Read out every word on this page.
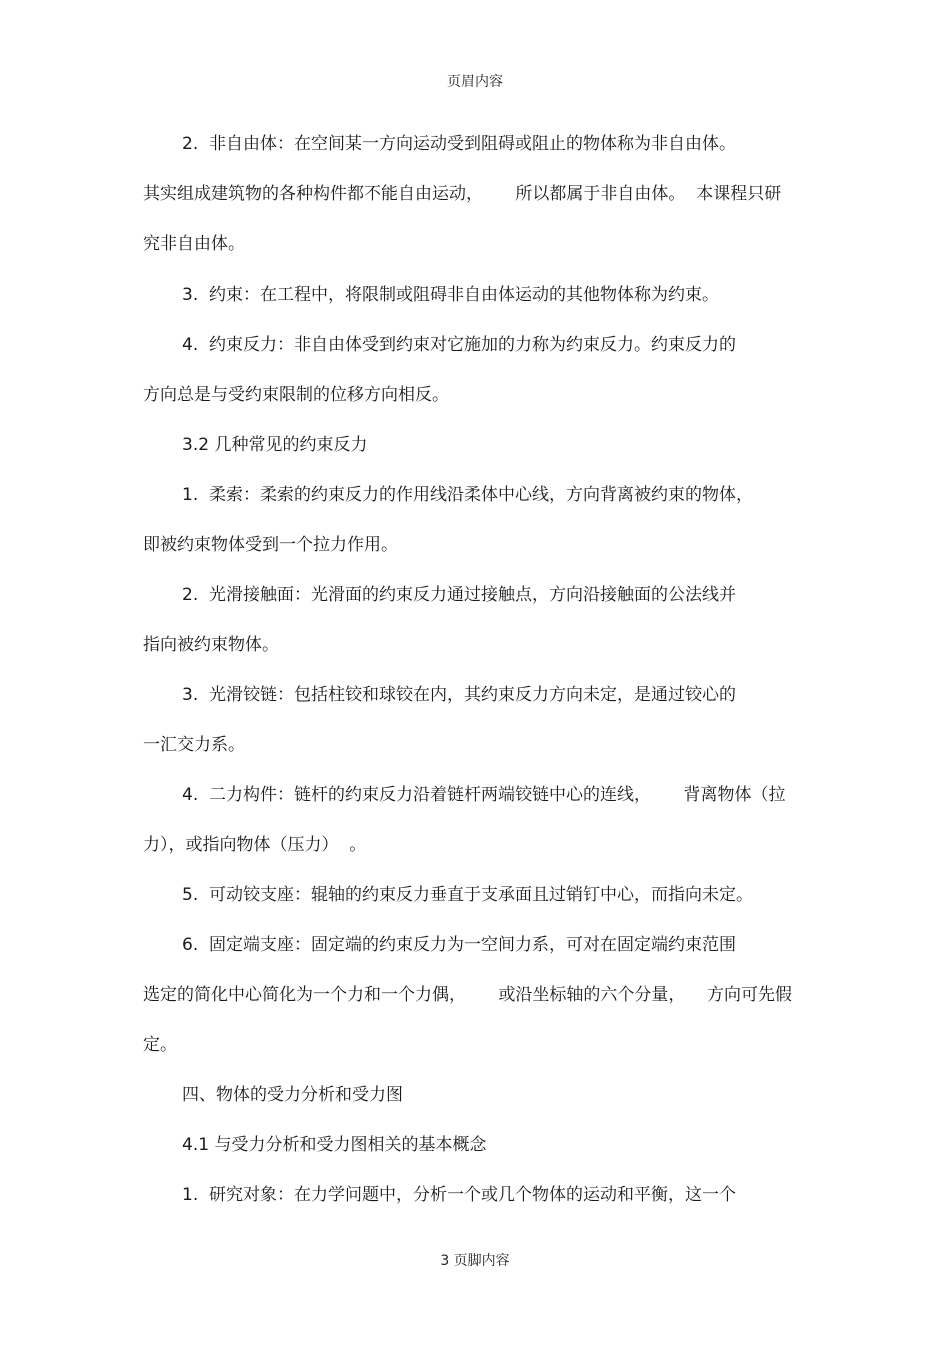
页眉内容
2.  非自由体：在空间某一方向运动受到阻碍或阻止的物体称为非自由体。
其实组成建筑物的各种构件都不能自由运动，      所以都属于非自由体。  本课程只研
究非自由体。
3.  约束：在工程中，将限制或阻碍非自由体运动的其他物体称为约束。
4.  约束反力：非自由体受到约束对它施加的力称为约束反力。约束反力的
方向总是与受约束限制的位移方向相反。
3.2 几种常见的约束反力
1.  柔索：柔索的约束反力的作用线沿柔体中心线，方向背离被约束的物体，
即被约束物体受到一个拉力作用。
2.  光滑接触面：光滑面的约束反力通过接触点，方向沿接触面的公法线并
指向被约束物体。
3.  光滑铰链：包括柱铰和球铰在内，其约束反力方向未定，是通过铰心的
一汇交力系。
4.  二力构件：链杆的约束反力沿着链杆两端铰链中心的连线，      背离物体（拉
力），或指向物体（压力）  。
5.  可动铰支座：辊轴的约束反力垂直于支承面且过销钉中心，而指向未定。
6.  固定端支座：固定端的约束反力为一空间力系，可对在固定端约束范围
选定的简化中心简化为一个力和一个力偶，      或沿坐标轴的六个分量，    方向可先假
定。
四、物体的受力分析和受力图
4.1 与受力分析和受力图相关的基本概念
1.  研究对象：在力学问题中，分析一个或几个物体的运动和平衡，这一个
3 页脚内容
